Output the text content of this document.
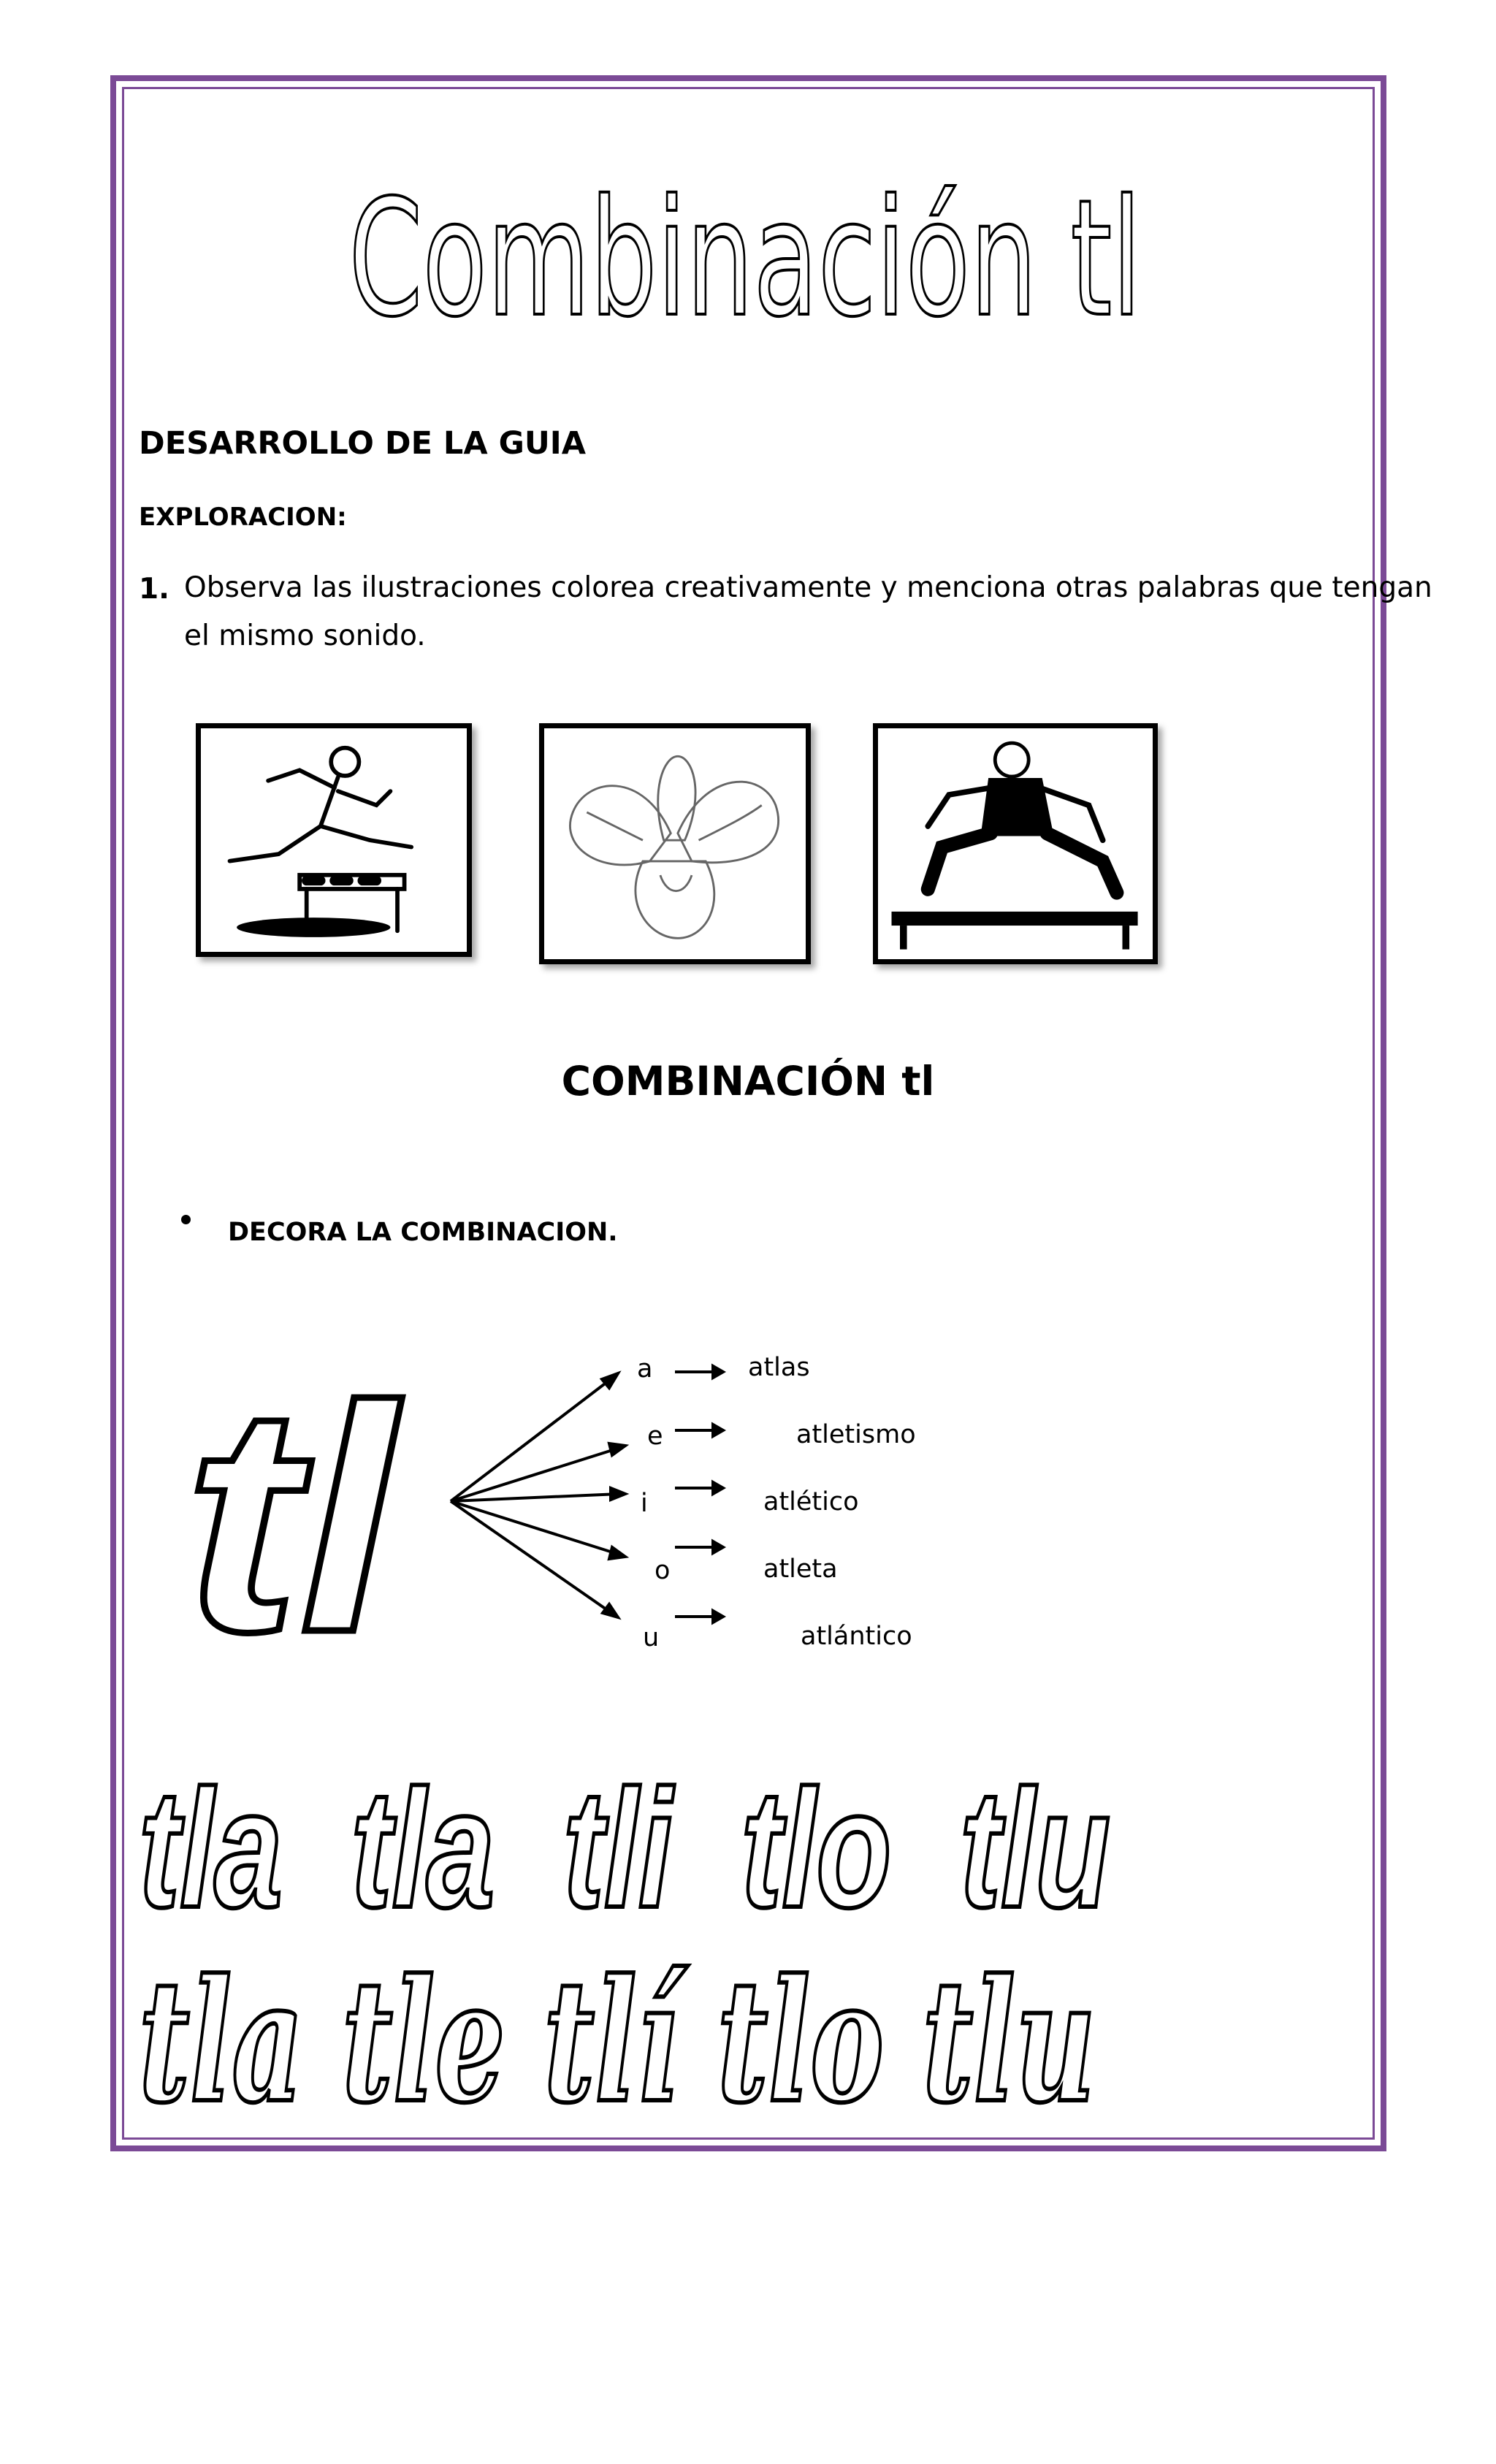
Combinación tl
tl
tla  tla  tli  tlo  tlu
tla tle tlí tlo tlu
DESARROLLO DE LA GUIA
EXPLORACION:
1. Observa las ilustraciones colorea creativamente y menciona otras palabras que tengan
el mismo sonido.
COMBINACIÓN tl
DECORA LA COMBINACION.
a
e
i
o
u
atlas
atletismo
atlético
atleta
atlántico
